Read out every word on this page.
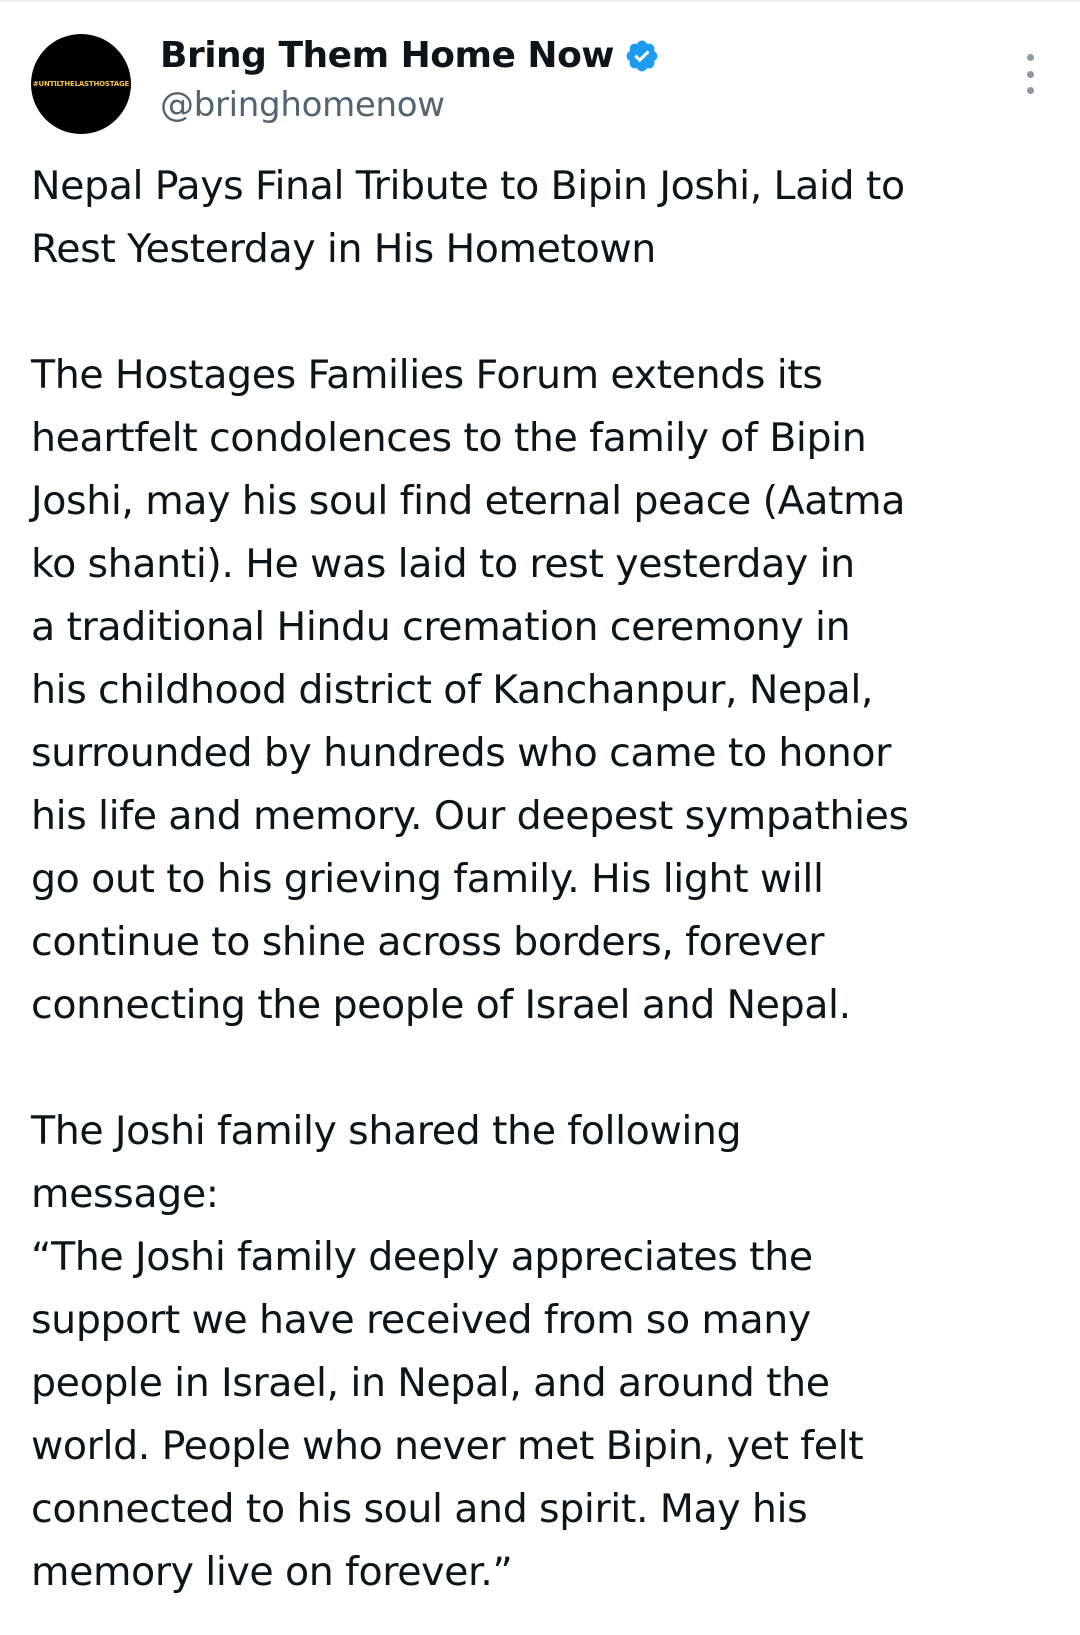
#UNTILTHELASTHOSTAGE
Bring Them Home Now
@bringhomenow
Nepal Pays Final Tribute to Bipin Joshi, Laid to
Rest Yesterday in His Hometown
The Hostages Families Forum extends its
heartfelt condolences to the family of Bipin
Joshi, may his soul find eternal peace (Aatma
ko shanti). He was laid to rest yesterday in
a traditional Hindu cremation ceremony in
his childhood district of Kanchanpur, Nepal,
surrounded by hundreds who came to honor
his life and memory. Our deepest sympathies
go out to his grieving family. His light will
continue to shine across borders, forever
connecting the people of Israel and Nepal.
The Joshi family shared the following
message:
“The Joshi family deeply appreciates the
support we have received from so many
people in Israel, in Nepal, and around the
world. People who never met Bipin, yet felt
connected to his soul and spirit. May his
memory live on forever.”
